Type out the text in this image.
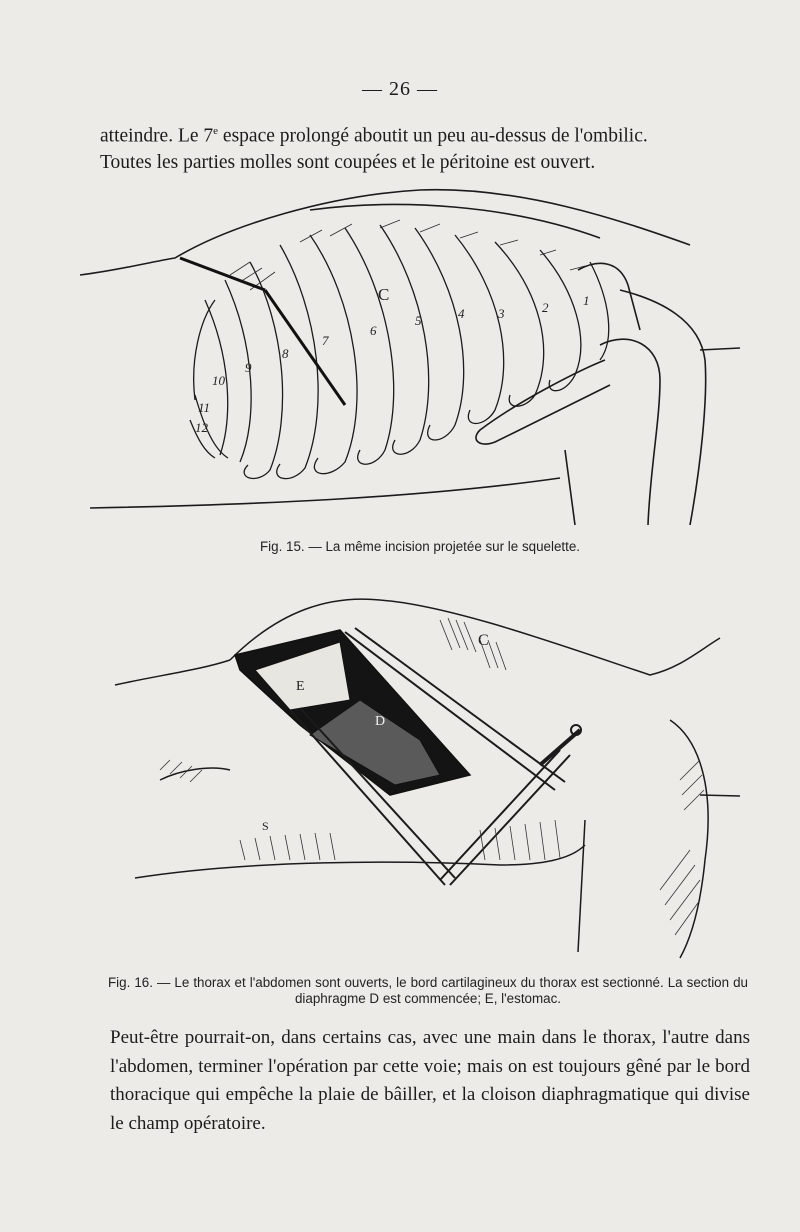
— 26 —
atteindre. Le 7e espace prolongé aboutit un peu au-dessus de l'ombilic.
Toutes les parties molles sont coupées et le péritoine est ouvert.
C	1
2
3
4
5
6
7
8
9
10
11
12
Fig. 15. — La même incision projetée sur le squelette.
E
D
C
S
Fig. 16. — Le thorax et l'abdomen sont ouverts, le bord cartilagineux du thorax est sectionné. La section du diaphragme D est commencée; E, l'estomac.
Peut-être pourrait-on, dans certains cas, avec une main dans le thorax, l'autre dans l'abdomen, terminer l'opération par cette voie; mais on est toujours gêné par le bord thoracique qui empêche la plaie de bâiller, et la cloison diaphragmatique qui divise le champ opératoire.
